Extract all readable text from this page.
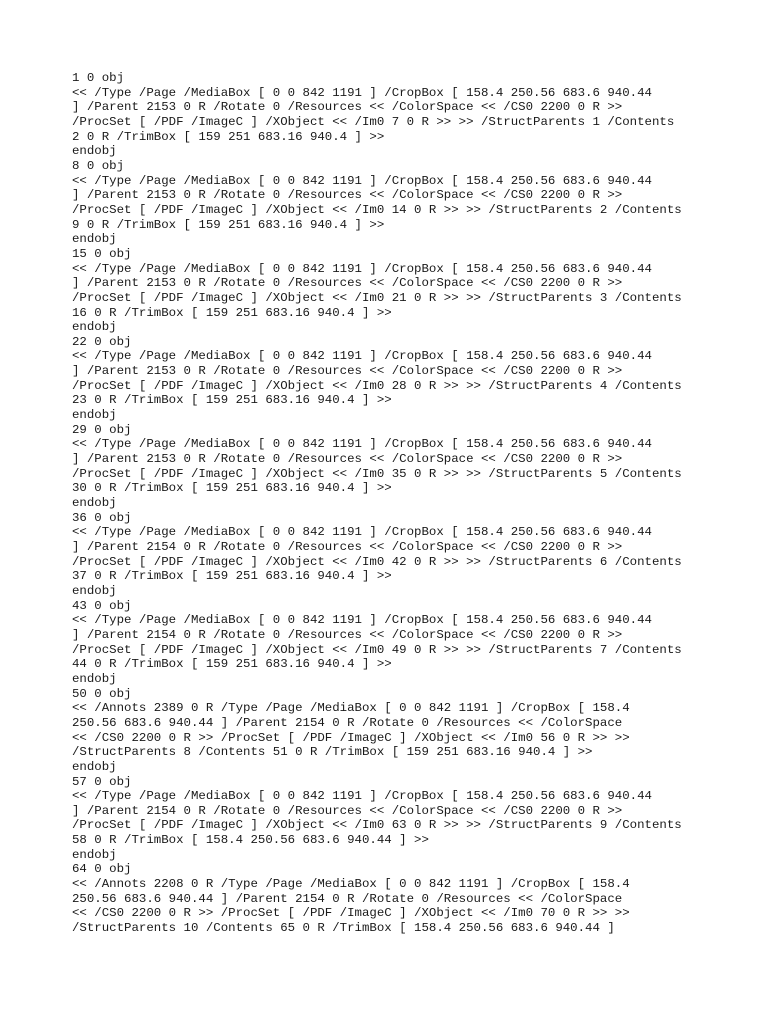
1 0 obj
<< /Type /Page /MediaBox [ 0 0 842 1191 ] /CropBox [ 158.4 250.56 683.6 940.44
] /Parent 2153 0 R /Rotate 0 /Resources << /ColorSpace << /CS0 2200 0 R >>
/ProcSet [ /PDF /ImageC ] /XObject << /Im0 7 0 R >> >> /StructParents 1 /Contents
2 0 R /TrimBox [ 159 251 683.16 940.4 ] >>
endobj
8 0 obj
<< /Type /Page /MediaBox [ 0 0 842 1191 ] /CropBox [ 158.4 250.56 683.6 940.44
] /Parent 2153 0 R /Rotate 0 /Resources << /ColorSpace << /CS0 2200 0 R >>
/ProcSet [ /PDF /ImageC ] /XObject << /Im0 14 0 R >> >> /StructParents 2 /Contents
9 0 R /TrimBox [ 159 251 683.16 940.4 ] >>
endobj
15 0 obj
<< /Type /Page /MediaBox [ 0 0 842 1191 ] /CropBox [ 158.4 250.56 683.6 940.44
] /Parent 2153 0 R /Rotate 0 /Resources << /ColorSpace << /CS0 2200 0 R >>
/ProcSet [ /PDF /ImageC ] /XObject << /Im0 21 0 R >> >> /StructParents 3 /Contents
16 0 R /TrimBox [ 159 251 683.16 940.4 ] >>
endobj
22 0 obj
<< /Type /Page /MediaBox [ 0 0 842 1191 ] /CropBox [ 158.4 250.56 683.6 940.44
] /Parent 2153 0 R /Rotate 0 /Resources << /ColorSpace << /CS0 2200 0 R >>
/ProcSet [ /PDF /ImageC ] /XObject << /Im0 28 0 R >> >> /StructParents 4 /Contents
23 0 R /TrimBox [ 159 251 683.16 940.4 ] >>
endobj
29 0 obj
<< /Type /Page /MediaBox [ 0 0 842 1191 ] /CropBox [ 158.4 250.56 683.6 940.44
] /Parent 2153 0 R /Rotate 0 /Resources << /ColorSpace << /CS0 2200 0 R >>
/ProcSet [ /PDF /ImageC ] /XObject << /Im0 35 0 R >> >> /StructParents 5 /Contents
30 0 R /TrimBox [ 159 251 683.16 940.4 ] >>
endobj
36 0 obj
<< /Type /Page /MediaBox [ 0 0 842 1191 ] /CropBox [ 158.4 250.56 683.6 940.44
] /Parent 2154 0 R /Rotate 0 /Resources << /ColorSpace << /CS0 2200 0 R >>
/ProcSet [ /PDF /ImageC ] /XObject << /Im0 42 0 R >> >> /StructParents 6 /Contents
37 0 R /TrimBox [ 159 251 683.16 940.4 ] >>
endobj
43 0 obj
<< /Type /Page /MediaBox [ 0 0 842 1191 ] /CropBox [ 158.4 250.56 683.6 940.44
] /Parent 2154 0 R /Rotate 0 /Resources << /ColorSpace << /CS0 2200 0 R >>
/ProcSet [ /PDF /ImageC ] /XObject << /Im0 49 0 R >> >> /StructParents 7 /Contents
44 0 R /TrimBox [ 159 251 683.16 940.4 ] >>
endobj
50 0 obj
<< /Annots 2389 0 R /Type /Page /MediaBox [ 0 0 842 1191 ] /CropBox [ 158.4
250.56 683.6 940.44 ] /Parent 2154 0 R /Rotate 0 /Resources << /ColorSpace
<< /CS0 2200 0 R >> /ProcSet [ /PDF /ImageC ] /XObject << /Im0 56 0 R >> >>
/StructParents 8 /Contents 51 0 R /TrimBox [ 159 251 683.16 940.4 ] >>
endobj
57 0 obj
<< /Type /Page /MediaBox [ 0 0 842 1191 ] /CropBox [ 158.4 250.56 683.6 940.44
] /Parent 2154 0 R /Rotate 0 /Resources << /ColorSpace << /CS0 2200 0 R >>
/ProcSet [ /PDF /ImageC ] /XObject << /Im0 63 0 R >> >> /StructParents 9 /Contents
58 0 R /TrimBox [ 158.4 250.56 683.6 940.44 ] >>
endobj
64 0 obj
<< /Annots 2208 0 R /Type /Page /MediaBox [ 0 0 842 1191 ] /CropBox [ 158.4
250.56 683.6 940.44 ] /Parent 2154 0 R /Rotate 0 /Resources << /ColorSpace
<< /CS0 2200 0 R >> /ProcSet [ /PDF /ImageC ] /XObject << /Im0 70 0 R >> >>
/StructParents 10 /Contents 65 0 R /TrimBox [ 158.4 250.56 683.6 940.44 ]
